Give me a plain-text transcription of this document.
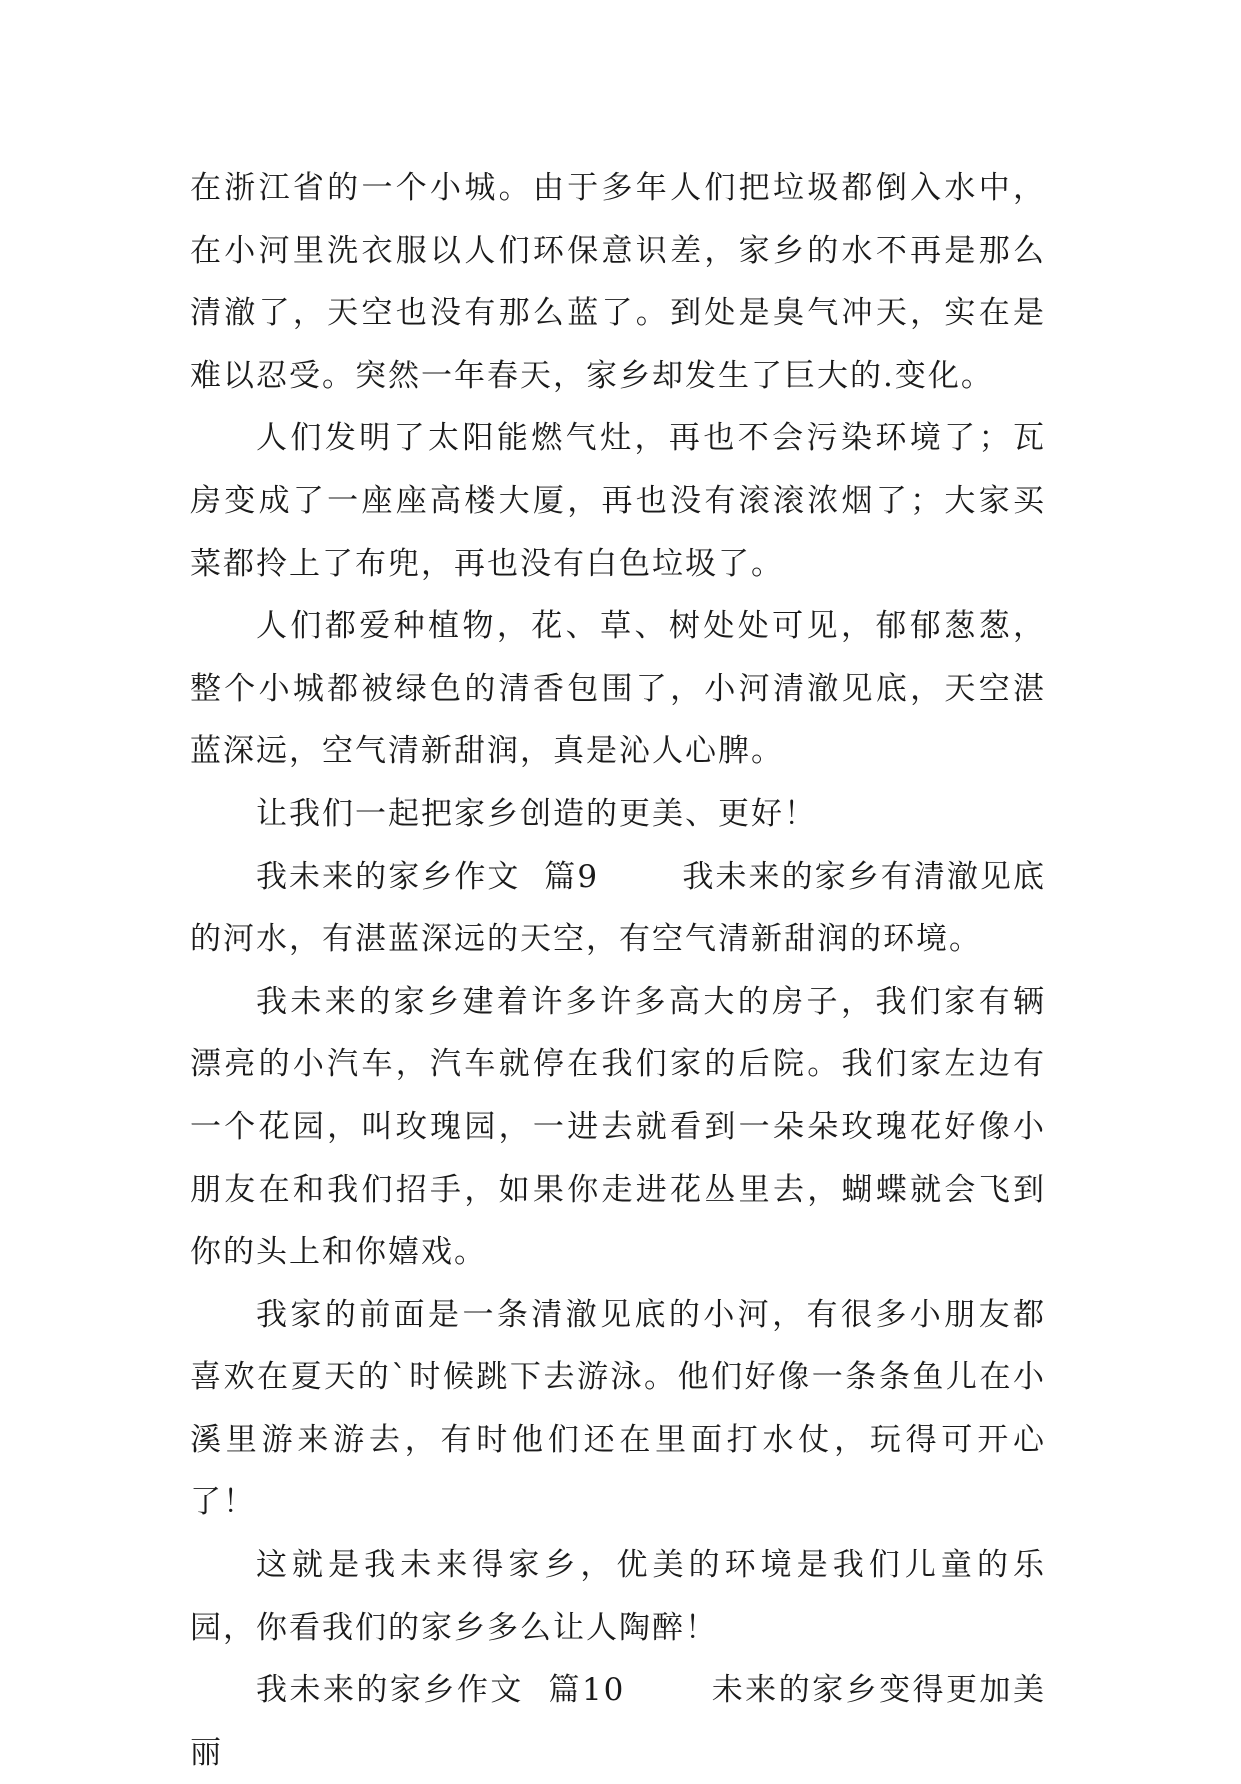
在浙江省的一个小城。由于多年人们把垃圾都倒入水中，在小河里洗衣服以人们环保意识差，家乡的水不再是那么清澈了，天空也没有那么蓝了。到处是臭气冲天，实在是难以忍受。突然一年春天，家乡却发生了巨大的.变化。

人们发明了太阳能燃气灶，再也不会污染环境了；瓦房变成了一座座高楼大厦，再也没有滚滚浓烟了；大家买菜都拎上了布兜，再也没有白色垃圾了。

人们都爱种植物，花、草、树处处可见，郁郁葱葱，整个小城都被绿色的清香包围了，小河清澈见底，天空湛蓝深远，空气清新甜润，真是沁人心脾。

让我们一起把家乡创造的更美、更好！

我未来的家乡作文  篇9       我未来的家乡有清澈见底的河水，有湛蓝深远的天空，有空气清新甜润的环境。

我未来的家乡建着许多许多高大的房子，我们家有辆漂亮的小汽车，汽车就停在我们家的后院。我们家左边有一个花园，叫玫瑰园，一进去就看到一朵朵玫瑰花好像小朋友在和我们招手，如果你走进花丛里去，蝴蝶就会飞到你的头上和你嬉戏。

我家的前面是一条清澈见底的小河，有很多小朋友都喜欢在夏天的`时候跳下去游泳。他们好像一条条鱼儿在小溪里游来游去，有时他们还在里面打水仗，玩得可开心了！

这就是我未来得家乡，优美的环境是我们儿童的乐园，你看我们的家乡多么让人陶醉！

我未来的家乡作文  篇10       未来的家乡变得更加美丽
